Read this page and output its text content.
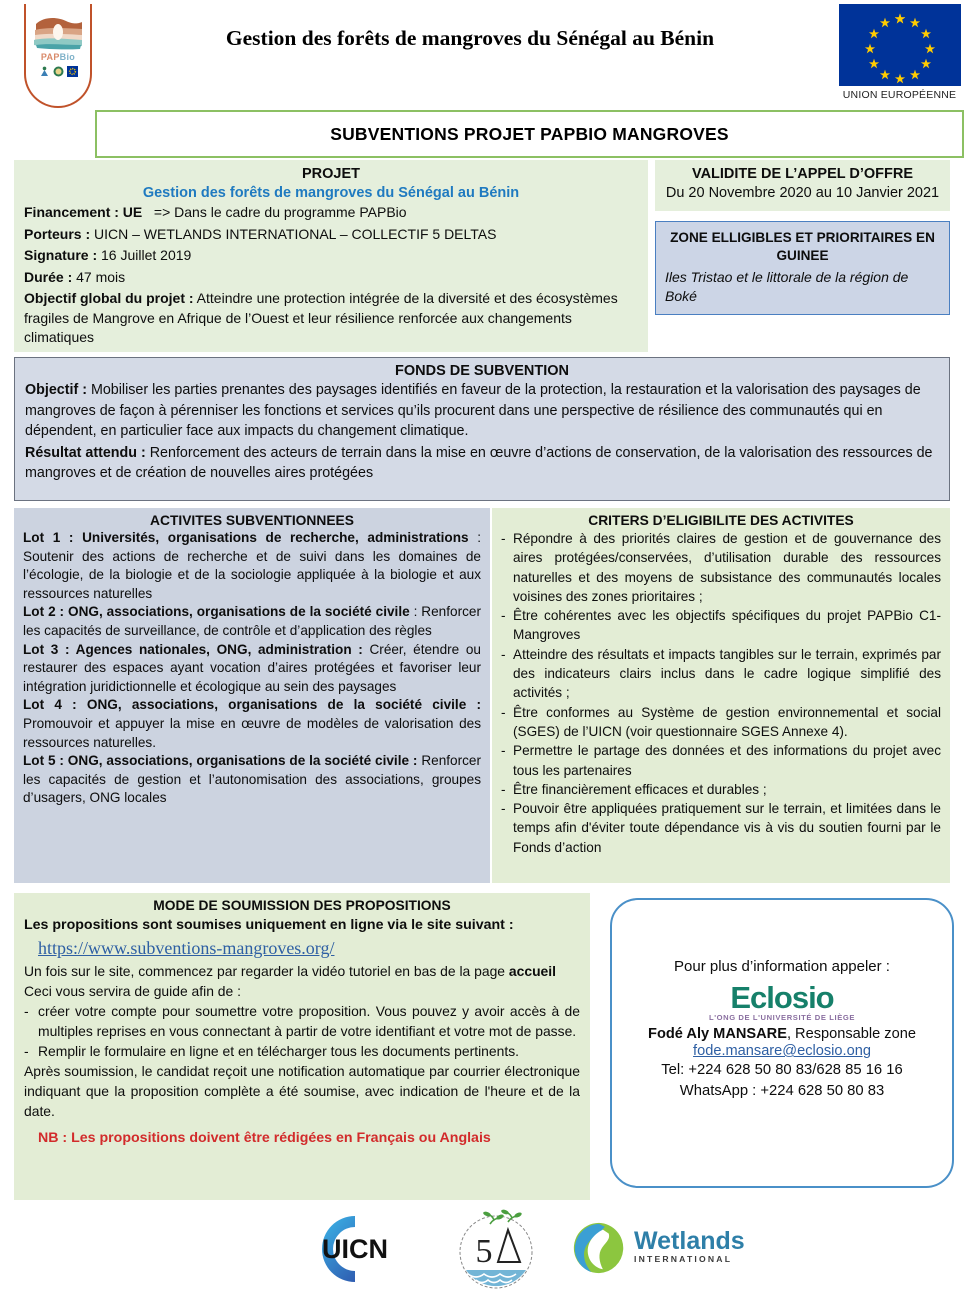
PAPBio
Gestion des forêts de mangroves du Sénégal au Bénin
UNION EUROPÉENNE
SUBVENTIONS PROJET PAPBIO MANGROVES
PROJET
Gestion des forêts de mangroves du Sénégal au Bénin
Financement : UE => Dans le cadre du programme PAPBio
Porteurs : UICN – WETLANDS INTERNATIONAL – COLLECTIF 5 DELTAS
Signature : 16 Juillet 2019
Durée : 47 mois
Objectif global du projet : Atteindre une protection intégrée de la diversité et des écosystèmes fragiles de Mangrove en Afrique de l’Ouest et leur résilience renforcée aux changements climatiques
VALIDITE DE L’APPEL D’OFFRE
Du 20 Novembre 2020 au 10 Janvier 2021
ZONE ELLIGIBLES ET PRIORITAIRES EN GUINEE
Iles Tristao et le littorale de la région de Boké
FONDS DE SUBVENTION
Objectif : Mobiliser les parties prenantes des paysages identifiés en faveur de la protection, la restauration et la valorisation des paysages de mangroves de façon à pérenniser les fonctions et services qu’ils procurent dans une perspective de résilience des communautés qui en dépendent, en particulier face aux impacts du changement climatique.
Résultat attendu : Renforcement des acteurs de terrain dans la mise en œuvre d’actions de conservation, de la valorisation des ressources de mangroves et de création de nouvelles aires protégées
ACTIVITES SUBVENTIONNEES
Lot 1 : Universités, organisations de recherche, administrations : Soutenir des actions de recherche et de suivi dans les domaines de l’écologie, de la biologie et de la sociologie appliquée à la biologie et aux ressources naturelles
Lot 2 : ONG, associations, organisations de la société civile : Renforcer les capacités de surveillance, de contrôle et d’application des règles
Lot 3 : Agences nationales, ONG, administration : Créer, étendre ou restaurer des espaces ayant vocation d’aires protégées et favoriser leur intégration juridictionnelle et écologique au sein des paysages
Lot 4 : ONG, associations, organisations de la société civile : Promouvoir et appuyer la mise en œuvre de modèles de valorisation des ressources naturelles.
Lot 5 : ONG, associations, organisations de la société civile : Renforcer les capacités de gestion et l’autonomisation des associations, groupes d’usagers, ONG locales
CRITERS D’ELIGIBILITE DES ACTIVITES
- Répondre à des priorités claires de gestion et de gouvernance des aires protégées/conservées, d’utilisation durable des ressources naturelles et des moyens de subsistance des communautés locales voisines des zones prioritaires ;
- Être cohérentes avec les objectifs spécifiques du projet PAPBio C1-Mangroves
- Atteindre des résultats et impacts tangibles sur le terrain, exprimés par des indicateurs clairs inclus dans le cadre logique simplifié des activités ;
- Être conformes au Système de gestion environnemental et social (SGES) de l’UICN (voir questionnaire SGES Annexe 4).
- Permettre le partage des données et des informations du projet avec tous les partenaires
- Être financièrement efficaces et durables ;
- Pouvoir être appliquées pratiquement sur le terrain, et limitées dans le temps afin d'éviter toute dépendance vis à vis du soutien fourni par le Fonds d’action
MODE DE SOUMISSION DES PROPOSITIONS
Les propositions sont soumises uniquement en ligne via le site suivant :
https://www.subventions-mangroves.org/
Un fois sur le site, commencez par regarder la vidéo tutoriel en bas de la page accueil
Ceci vous servira de guide afin de :
- créer votre compte pour soumettre votre proposition. Vous pouvez y avoir accès à de multiples reprises en vous connectant à partir de votre identifiant et votre mot de passe.
- Remplir le formulaire en ligne et en télécharger tous les documents pertinents.
Après soumission, le candidat reçoit une notification automatique par courrier électronique indiquant que la proposition complète a été soumise, avec indication de l'heure et de la date.
NB : Les propositions doivent être rédigées en Français ou Anglais
Pour plus d’information appeler :
Eclosio
L'ONG DE L'UNIVERSITÉ DE LIÈGE
Fodé Aly MANSARE, Responsable zone
fode.mansare@eclosio.ong
Tel: +224 628 50 80 83/628 85 16 16
WhatsApp : +224 628 50 80 83
UICN	5	Wetlands
INTERNATIONAL
